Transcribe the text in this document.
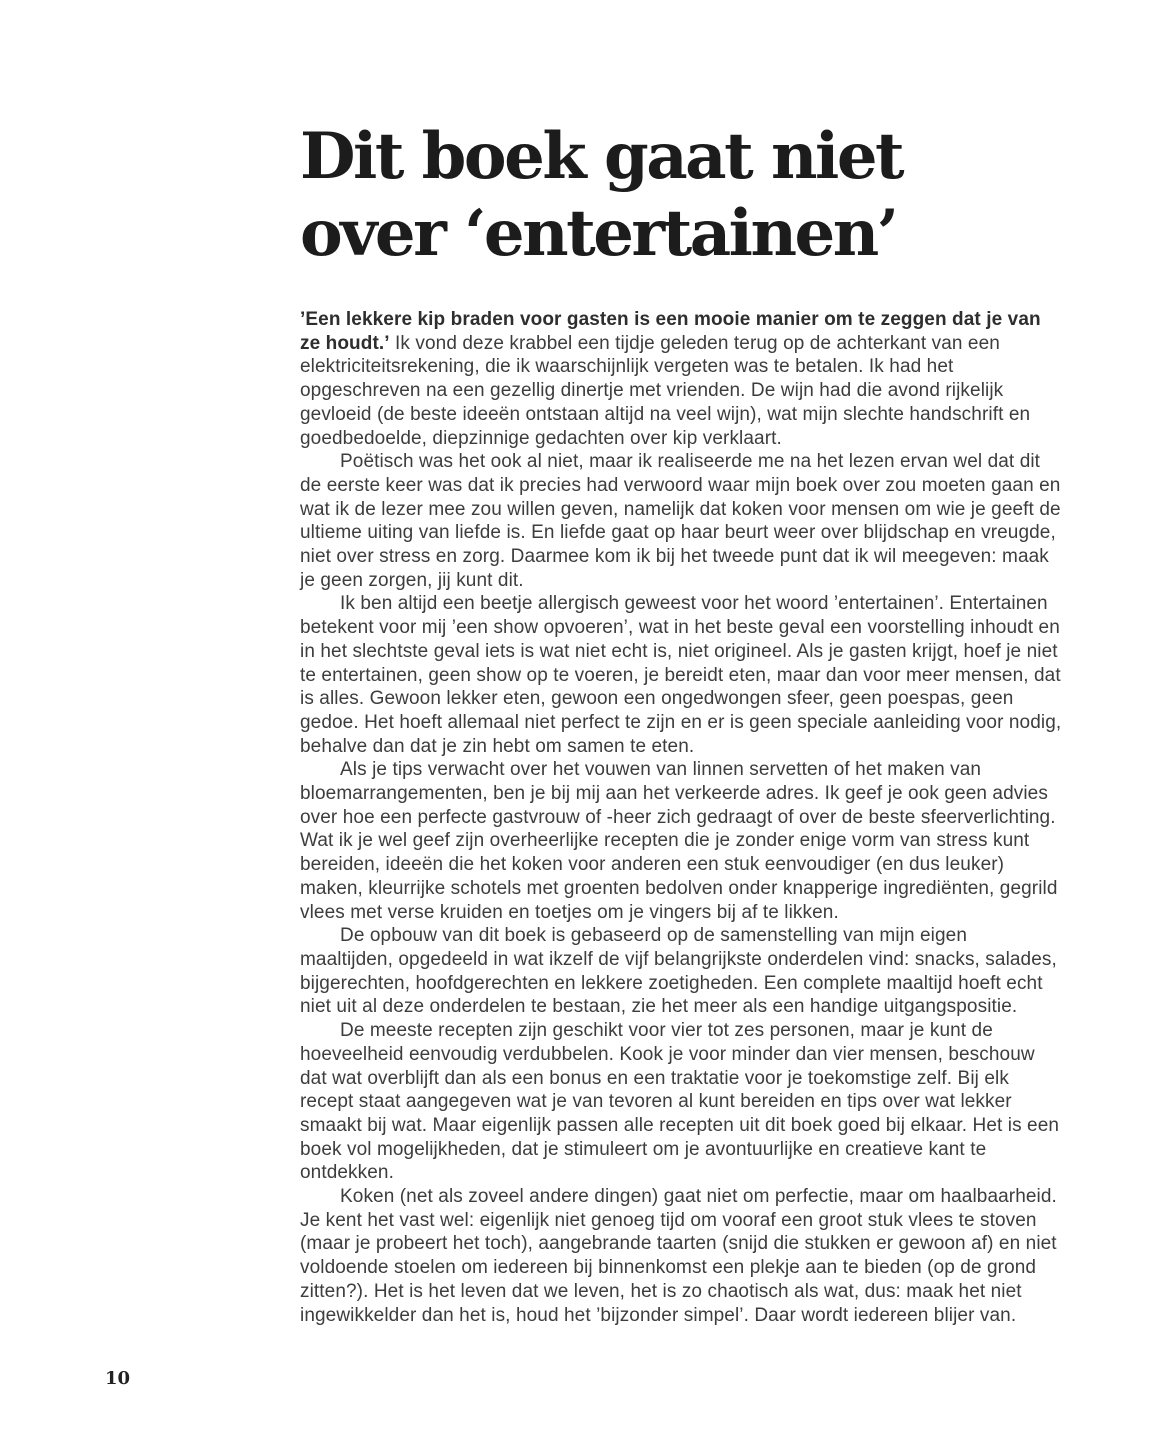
Dit boek gaat niet
over ‘entertainen’

’Een lekkere kip braden voor gasten is een mooie manier om te zeggen dat je van ze houdt.’ Ik vond deze krabbel een tijdje geleden terug op de achterkant van een elektriciteitsrekening, die ik waarschijnlijk vergeten was te betalen. Ik had het opgeschreven na een gezellig dinertje met vrienden. De wijn had die avond rijkelijk gevloeid (de beste ideeën ontstaan altijd na veel wijn), wat mijn slechte handschrift en goedbedoelde, diepzinnige gedachten over kip verklaart.

Poëtisch was het ook al niet, maar ik realiseerde me na het lezen ervan wel dat dit de eerste keer was dat ik precies had verwoord waar mijn boek over zou moeten gaan en wat ik de lezer mee zou willen geven, namelijk dat koken voor mensen om wie je geeft de ultieme uiting van liefde is. En liefde gaat op haar beurt weer over blijdschap en vreugde, niet over stress en zorg. Daarmee kom ik bij het tweede punt dat ik wil meegeven: maak je geen zorgen, jij kunt dit.

Ik ben altijd een beetje allergisch geweest voor het woord ’entertainen’. Entertainen betekent voor mij ’een show opvoeren’, wat in het beste geval een voorstelling inhoudt en in het slechtste geval iets is wat niet echt is, niet origineel. Als je gasten krijgt, hoef je niet te entertainen, geen show op te voeren, je bereidt eten, maar dan voor meer mensen, dat is alles. Gewoon lekker eten, gewoon een ongedwongen sfeer, geen poespas, geen gedoe. Het hoeft allemaal niet perfect te zijn en er is geen speciale aanleiding voor nodig, behalve dan dat je zin hebt om samen te eten.

Als je tips verwacht over het vouwen van linnen servetten of het maken van bloemarrangementen, ben je bij mij aan het verkeerde adres. Ik geef je ook geen advies over hoe een perfecte gastvrouw of -heer zich gedraagt of over de beste sfeerverlichting. Wat ik je wel geef zijn overheerlijke recepten die je zonder enige vorm van stress kunt bereiden, ideeën die het koken voor anderen een stuk eenvoudiger (en dus leuker) maken, kleurrijke schotels met groenten bedolven onder knapperige ingrediënten, gegrild vlees met verse kruiden en toetjes om je vingers bij af te likken.

De opbouw van dit boek is gebaseerd op de samenstelling van mijn eigen maaltijden, opgedeeld in wat ikzelf de vijf belangrijkste onderdelen vind: snacks, salades, bijgerechten, hoofdgerechten en lekkere zoetigheden. Een complete maaltijd hoeft echt niet uit al deze onderdelen te bestaan, zie het meer als een handige uitgangspositie.

De meeste recepten zijn geschikt voor vier tot zes personen, maar je kunt de hoeveelheid eenvoudig verdubbelen. Kook je voor minder dan vier mensen, beschouw dat wat overblijft dan als een bonus en een traktatie voor je toekomstige zelf. Bij elk recept staat aangegeven wat je van tevoren al kunt bereiden en tips over wat lekker smaakt bij wat. Maar eigenlijk passen alle recepten uit dit boek goed bij elkaar. Het is een boek vol mogelijkheden, dat je stimuleert om je avontuurlijke en creatieve kant te ontdekken.

Koken (net als zoveel andere dingen) gaat niet om perfectie, maar om haalbaarheid. Je kent het vast wel: eigenlijk niet genoeg tijd om vooraf een groot stuk vlees te stoven (maar je probeert het toch), aangebrande taarten (snijd die stukken er gewoon af) en niet voldoende stoelen om iedereen bij binnenkomst een plekje aan te bieden (op de grond zitten?). Het is het leven dat we leven, het is zo chaotisch als wat, dus: maak het niet ingewikkelder dan het is, houd het ’bijzonder simpel’. Daar wordt iedereen blijer van.

10
